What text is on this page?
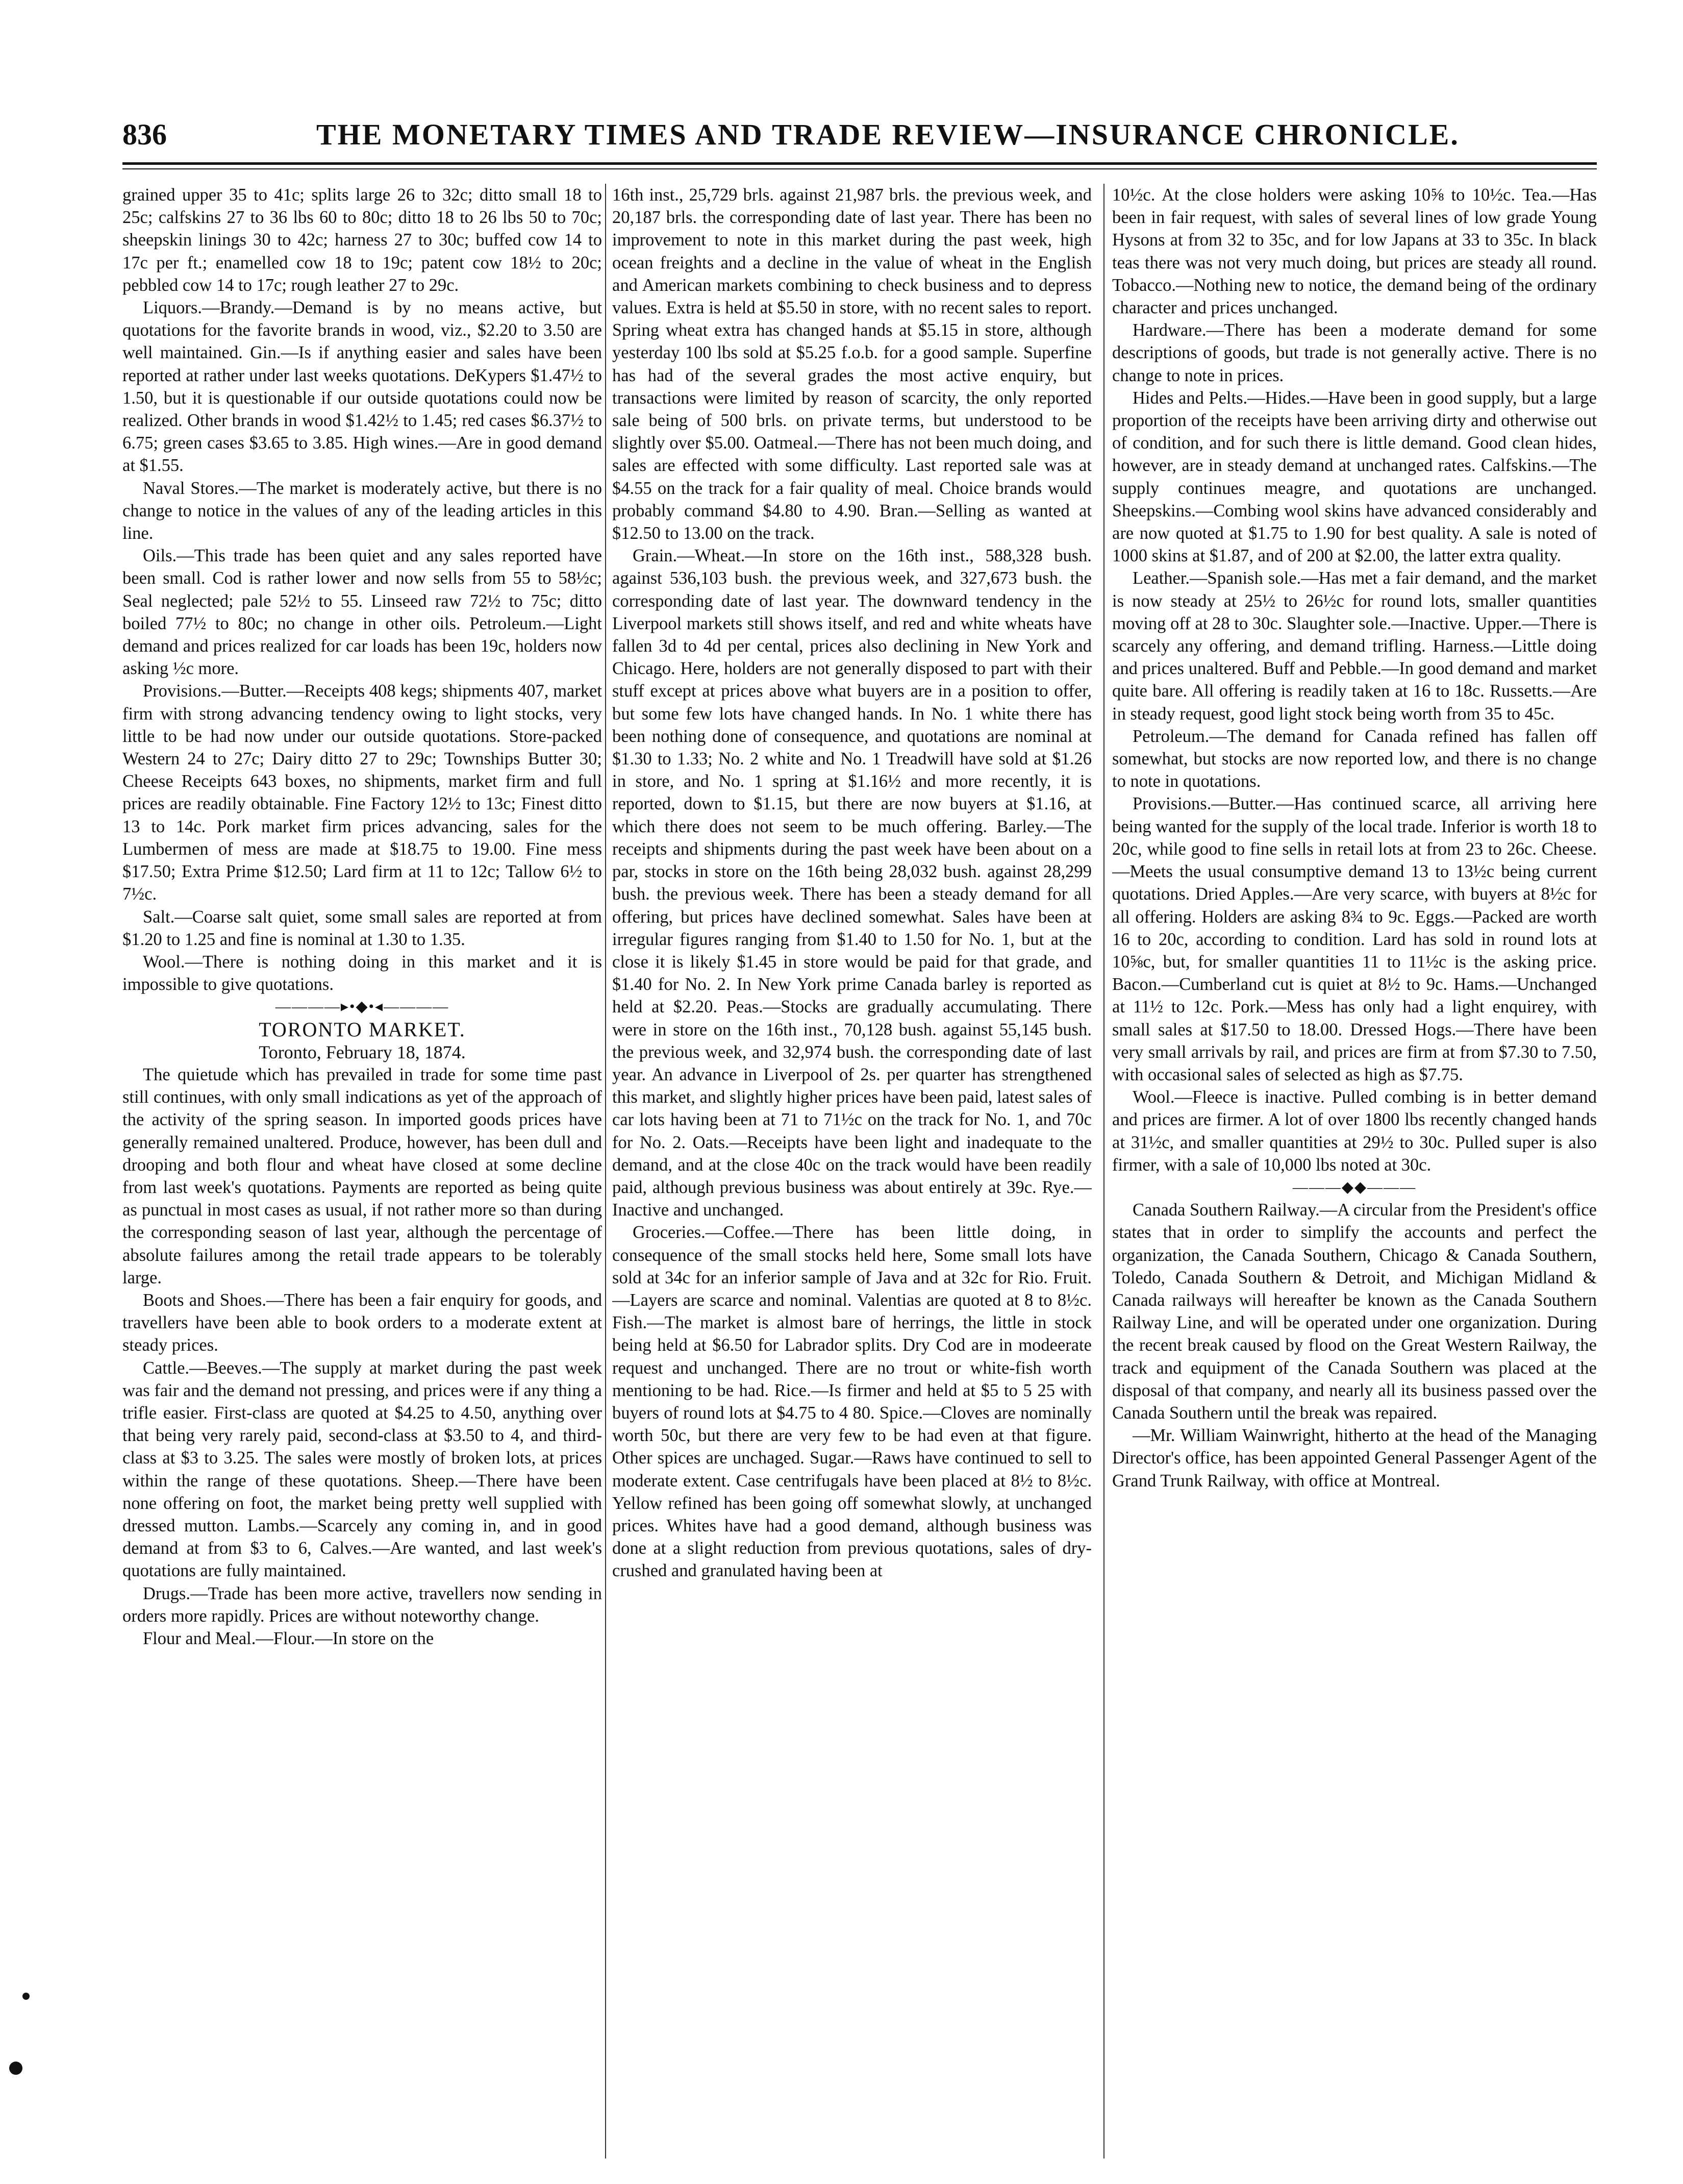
836	THE MONETARY TIMES AND TRADE REVIEW—INSURANCE CHRONICLE.

grained upper 35 to 41c; splits large 26 to 32c; ditto small 18 to 25c; calfskins 27 to 36 lbs 60 to 80c; ditto 18 to 26 lbs 50 to 70c; sheepskin linings 30 to 42c; harness 27 to 30c; buffed cow 14 to 17c per ft.; enamelled cow 18 to 19c; patent cow 18½ to 20c; pebbled cow 14 to 17c; rough leather 27 to 29c.

Liquors.—Brandy.—Demand is by no means active, but quotations for the favorite brands in wood, viz., $2.20 to 3.50 are well maintained. Gin.—Is if anything easier and sales have been reported at rather under last weeks quotations. DeKypers $1.47½ to 1.50, but it is questionable if our outside quotations could now be realized. Other brands in wood $1.42½ to 1.45; red cases $6.37½ to 6.75; green cases $3.65 to 3.85. High wines.—Are in good demand at $1.55.

Naval Stores.—The market is moderately active, but there is no change to notice in the values of any of the leading articles in this line.

Oils.—This trade has been quiet and any sales reported have been small. Cod is rather lower and now sells from 55 to 58½c; Seal neglected; pale 52½ to 55. Linseed raw 72½ to 75c; ditto boiled 77½ to 80c; no change in other oils. Petroleum.—Light demand and prices realized for car loads has been 19c, holders now asking ½c more.

Provisions.—Butter.—Receipts 408 kegs; shipments 407, market firm with strong advancing tendency owing to light stocks, very little to be had now under our outside quotations. Store-packed Western 24 to 27c; Dairy ditto 27 to 29c; Townships Butter 30; Cheese Receipts 643 boxes, no shipments, market firm and full prices are readily obtainable. Fine Factory 12½ to 13c; Finest ditto 13 to 14c. Pork market firm prices advancing, sales for the Lumbermen of mess are made at $18.75 to 19.00. Fine mess $17.50; Extra Prime $12.50; Lard firm at 11 to 12c; Tallow 6½ to 7½c.

Salt.—Coarse salt quiet, some small sales are reported at from $1.20 to 1.25 and fine is nominal at 1.30 to 1.35.

Wool.—There is nothing doing in this market and it is impossible to give quotations.

————▸•◆•◂————

TORONTO MARKET.

Toronto, February 18, 1874.

The quietude which has prevailed in trade for some time past still continues, with only small indications as yet of the approach of the activity of the spring season. In imported goods prices have generally remained unaltered. Produce, however, has been dull and drooping and both flour and wheat have closed at some decline from last week's quotations. Payments are reported as being quite as punctual in most cases as usual, if not rather more so than during the corresponding season of last year, although the percentage of absolute failures among the retail trade appears to be tolerably large.

Boots and Shoes.—There has been a fair enquiry for goods, and travellers have been able to book orders to a moderate extent at steady prices.

Cattle.—Beeves.—The supply at market during the past week was fair and the demand not pressing, and prices were if any thing a trifle easier. First-class are quoted at $4.25 to 4.50, anything over that being very rarely paid, second-class at $3.50 to 4, and third-class at $3 to 3.25. The sales were mostly of broken lots, at prices within the range of these quotations. Sheep.—There have been none offering on foot, the market being pretty well supplied with dressed mutton. Lambs.—Scarcely any coming in, and in good demand at from $3 to 6, Calves.—Are wanted, and last week's quotations are fully maintained.

Drugs.—Trade has been more active, travellers now sending in orders more rapidly. Prices are without noteworthy change.

Flour and Meal.—Flour.—In store on the

16th inst., 25,729 brls. against 21,987 brls. the previous week, and 20,187 brls. the corresponding date of last year. There has been no improvement to note in this market during the past week, high ocean freights and a decline in the value of wheat in the English and American markets combining to check business and to depress values. Extra is held at $5.50 in store, with no recent sales to report. Spring wheat extra has changed hands at $5.15 in store, although yesterday 100 lbs sold at $5.25 f.o.b. for a good sample. Superfine has had of the several grades the most active enquiry, but transactions were limited by reason of scarcity, the only reported sale being of 500 brls. on private terms, but understood to be slightly over $5.00. Oatmeal.—There has not been much doing, and sales are effected with some difficulty. Last reported sale was at $4.55 on the track for a fair quality of meal. Choice brands would probably command $4.80 to 4.90. Bran.—Selling as wanted at $12.50 to 13.00 on the track.

Grain.—Wheat.—In store on the 16th inst., 588,328 bush. against 536,103 bush. the previous week, and 327,673 bush. the corresponding date of last year. The downward tendency in the Liverpool markets still shows itself, and red and white wheats have fallen 3d to 4d per cental, prices also declining in New York and Chicago. Here, holders are not generally disposed to part with their stuff except at prices above what buyers are in a position to offer, but some few lots have changed hands. In No. 1 white there has been nothing done of consequence, and quotations are nominal at $1.30 to 1.33; No. 2 white and No. 1 Treadwill have sold at $1.26 in store, and No. 1 spring at $1.16½ and more recently, it is reported, down to $1.15, but there are now buyers at $1.16, at which there does not seem to be much offering. Barley.—The receipts and shipments during the past week have been about on a par, stocks in store on the 16th being 28,032 bush. against 28,299 bush. the previous week. There has been a steady demand for all offering, but prices have declined somewhat. Sales have been at irregular figures ranging from $1.40 to 1.50 for No. 1, but at the close it is likely $1.45 in store would be paid for that grade, and $1.40 for No. 2. In New York prime Canada barley is reported as held at $2.20. Peas.—Stocks are gradually accumulating. There were in store on the 16th inst., 70,128 bush. against 55,145 bush. the previous week, and 32,974 bush. the corresponding date of last year. An advance in Liverpool of 2s. per quarter has strengthened this market, and slightly higher prices have been paid, latest sales of car lots having been at 71 to 71½c on the track for No. 1, and 70c for No. 2. Oats.—Receipts have been light and inadequate to the demand, and at the close 40c on the track would have been readily paid, although previous business was about entirely at 39c. Rye.—Inactive and unchanged.

Groceries.—Coffee.—There has been little doing, in consequence of the small stocks held here, Some small lots have sold at 34c for an inferior sample of Java and at 32c for Rio. Fruit.—Layers are scarce and nominal. Valentias are quoted at 8 to 8½c. Fish.—The market is almost bare of herrings, the little in stock being held at $6.50 for Labrador splits. Dry Cod are in modeerate request and unchanged. There are no trout or white-fish worth mentioning to be had. Rice.—Is firmer and held at $5 to 5 25 with buyers of round lots at $4.75 to 4 80. Spice.—Cloves are nominally worth 50c, but there are very few to be had even at that figure. Other spices are unchaged. Sugar.—Raws have continued to sell to moderate extent. Case centrifugals have been placed at 8½ to 8½c. Yellow refined has been going off somewhat slowly, at unchanged prices. Whites have had a good demand, although business was done at a slight reduction from previous quotations, sales of dry-crushed and granulated having been at

10½c. At the close holders were asking 10⅝ to 10½c. Tea.—Has been in fair request, with sales of several lines of low grade Young Hysons at from 32 to 35c, and for low Japans at 33 to 35c. In black teas there was not very much doing, but prices are steady all round. Tobacco.—Nothing new to notice, the demand being of the ordinary character and prices unchanged.

Hardware.—There has been a moderate demand for some descriptions of goods, but trade is not generally active. There is no change to note in prices.

Hides and Pelts.—Hides.—Have been in good supply, but a large proportion of the receipts have been arriving dirty and otherwise out of condition, and for such there is little demand. Good clean hides, however, are in steady demand at unchanged rates. Calfskins.—The supply continues meagre, and quotations are unchanged. Sheepskins.—Combing wool skins have advanced considerably and are now quoted at $1.75 to 1.90 for best quality. A sale is noted of 1000 skins at $1.87, and of 200 at $2.00, the latter extra quality.

Leather.—Spanish sole.—Has met a fair demand, and the market is now steady at 25½ to 26½c for round lots, smaller quantities moving off at 28 to 30c. Slaughter sole.—Inactive. Upper.—There is scarcely any offering, and demand trifling. Harness.—Little doing and prices unaltered. Buff and Pebble.—In good demand and market quite bare. All offering is readily taken at 16 to 18c. Russetts.—Are in steady request, good light stock being worth from 35 to 45c.

Petroleum.—The demand for Canada refined has fallen off somewhat, but stocks are now reported low, and there is no change to note in quotations.

Provisions.—Butter.—Has continued scarce, all arriving here being wanted for the supply of the local trade. Inferior is worth 18 to 20c, while good to fine sells in retail lots at from 23 to 26c. Cheese.—Meets the usual consumptive demand 13 to 13½c being current quotations. Dried Apples.—Are very scarce, with buyers at 8½c for all offering. Holders are asking 8¾ to 9c. Eggs.—Packed are worth 16 to 20c, according to condition. Lard has sold in round lots at 10⅝c, but, for smaller quantities 11 to 11½c is the asking price. Bacon.—Cumberland cut is quiet at 8½ to 9c. Hams.—Unchanged at 11½ to 12c. Pork.—Mess has only had a light enquirey, with small sales at $17.50 to 18.00. Dressed Hogs.—There have been very small arrivals by rail, and prices are firm at from $7.30 to 7.50, with occasional sales of selected as high as $7.75.

Wool.—Fleece is inactive. Pulled combing is in better demand and prices are firmer. A lot of over 1800 lbs recently changed hands at 31½c, and smaller quantities at 29½ to 30c. Pulled super is also firmer, with a sale of 10,000 lbs noted at 30c.

———◆◆———

Canada Southern Railway.—A circular from the President's office states that in order to simplify the accounts and perfect the organization, the Canada Southern, Chicago & Canada Southern, Toledo, Canada Southern & Detroit, and Michigan Midland & Canada railways will hereafter be known as the Canada Southern Railway Line, and will be operated under one organization. During the recent break caused by flood on the Great Western Railway, the track and equipment of the Canada Southern was placed at the disposal of that company, and nearly all its business passed over the Canada Southern until the break was repaired.

—Mr. William Wainwright, hitherto at the head of the Managing Director's office, has been appointed General Passenger Agent of the Grand Trunk Railway, with office at Montreal.
